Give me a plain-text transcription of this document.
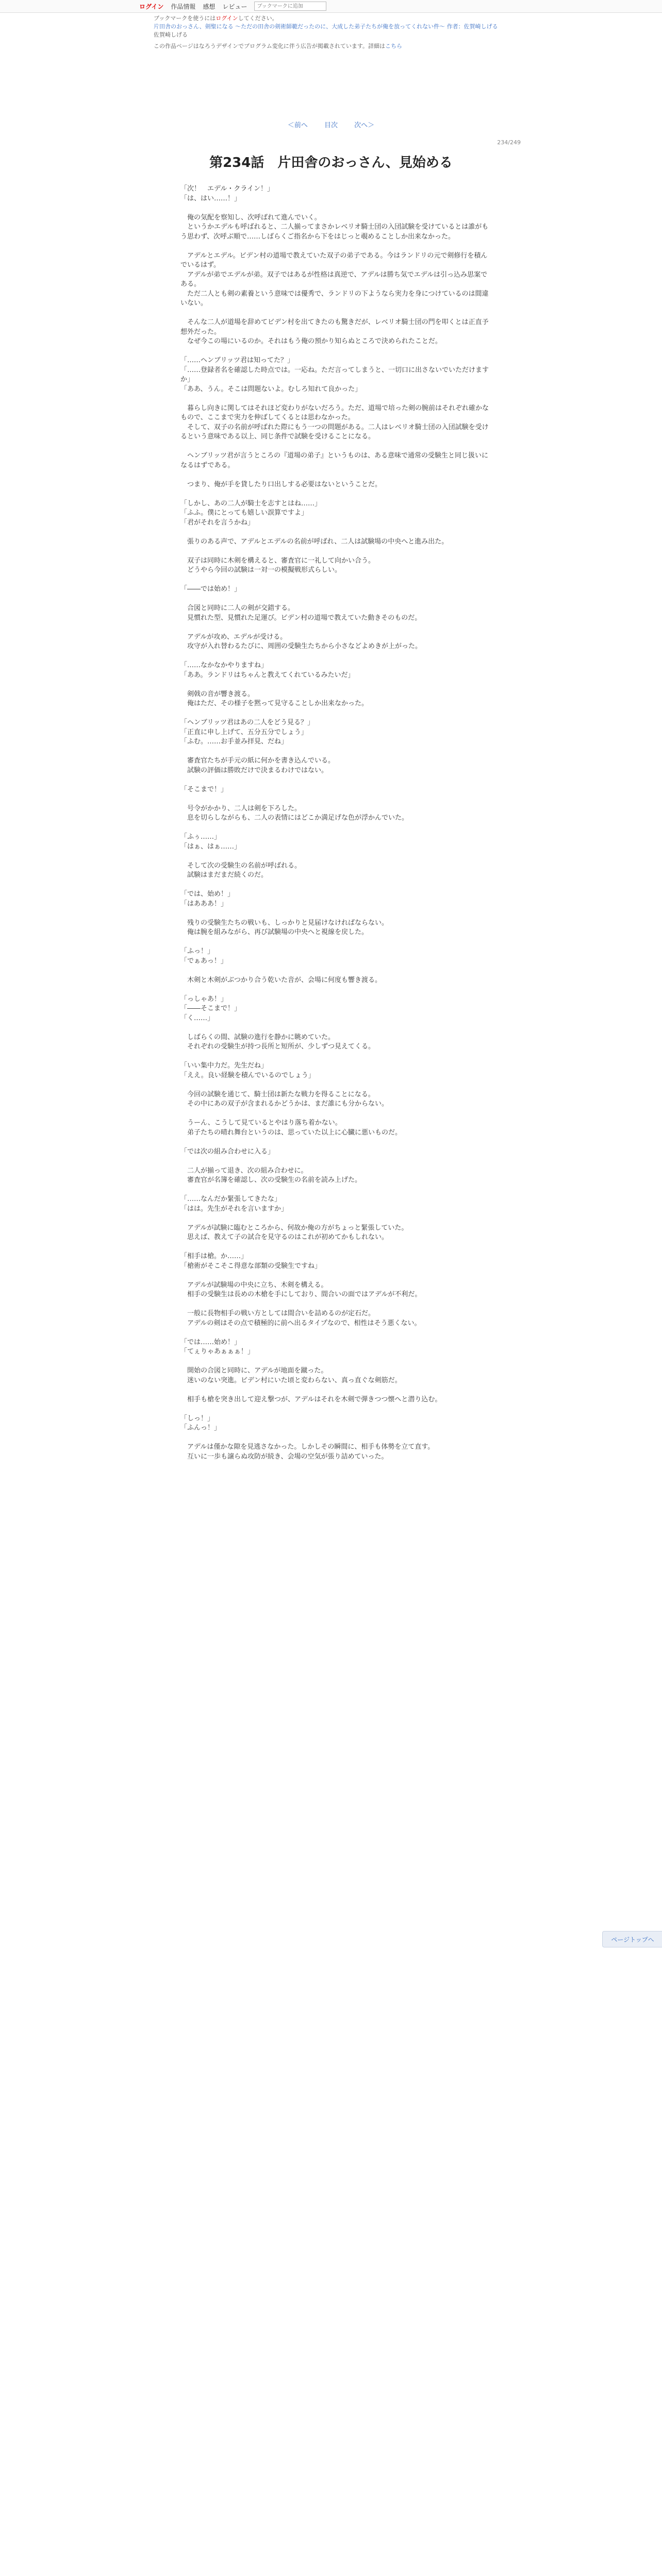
ログイン 作品情報 感想 レビュー
ブックマークに追加
ブックマークを使うにはログインしてください。
片田舎のおっさん、剣聖になる 〜ただの田舎の剣術師範だったのに、大成した弟子たちが俺を放ってくれない件〜 作者：佐賀崎しげる
佐賀崎しげる
この作品ページはなろうデザインでプログラム変化に伴う広告が掲載されています。詳細はこちら
＜前へ 目次 次へ＞
234/249
第234話　片田舎のおっさん、見始める

「次！　エデル・クライン！」

「は、はい……！」

　俺の気配を察知し、次呼ばれて進んでいく。

　というかエデルも呼ばれると、二人揃ってまさかレベリオ騎士団の入団試験を受けているとは誰がもう思わず、次呼ぶ順で……しばらくご指名から下をはじっと覗めることしか出来なかった。

　アデルとエデル。ビデン村の道場で教えていた双子の弟子である。今はランドリの元で剣修行を積んでいるはず。

　アデルが弟でエデルが弟。双子ではあるが性格は真逆で、アデルは勝ち気でエデルは引っ込み思案である。

　ただ二人とも剣の素養という意味では優秀で、ランドリの下ようなら実力を身につけているのは間違いない。

　そんな二人が道場を辞めてビデン村を出てきたのも驚きだが、レベリオ騎士団の門を叩くとは正直予想外だった。

　なぜ今この場にいるのか。それはもう俺の預かり知らぬところで決められたことだ。

「……ヘンブリッツ君は知ってた？」

「……登録者名を確認した時点では。一応ね。ただ言ってしまうと、一切口に出さないでいただけますか」

「ああ、うん。そこは問題ないよ。むしろ知れて良かった」

　暮らし向きに関してはそれほど変わりがないだろう。ただ、道場で培った剣の腕前はそれぞれ確かなもので、ここまで実力を伸ばしてくるとは思わなかった。

　そして、双子の名前が呼ばれた際にもう一つの問題がある。二人はレベリオ騎士団の入団試験を受けるという意味である以上、同じ条件で試験を受けることになる。

　ヘンブリッツ君が言うところの『道場の弟子』というものは、ある意味で通常の受験生と同じ扱いになるはずである。

　つまり、俺が手を貸したり口出しする必要はないということだ。

「しかし、あの二人が騎士を志すとはね……」

「ふふ。僕にとっても嬉しい誤算ですよ」

「君がそれを言うかね」

　張りのある声で、アデルとエデルの名前が呼ばれ、二人は試験場の中央へと進み出た。

　双子は同時に木剣を構えると、審査官に一礼して向かい合う。

　どうやら今回の試験は一対一の模擬戦形式らしい。

「――では始め！」

　合図と同時に二人の剣が交錯する。

　見慣れた型、見慣れた足運び。ビデン村の道場で教えていた動きそのものだ。

　アデルが攻め、エデルが受ける。

　攻守が入れ替わるたびに、周囲の受験生たちから小さなどよめきが上がった。

「……なかなかやりますね」

「ああ。ランドリはちゃんと教えてくれているみたいだ」

　剣戟の音が響き渡る。

　俺はただ、その様子を黙って見守ることしか出来なかった。

「ヘンブリッツ君はあの二人をどう見る？」

「正直に申し上げて、五分五分でしょう」

「ふむ。……お手並み拝見、だね」

　審査官たちが手元の紙に何かを書き込んでいる。

　試験の評価は勝敗だけで決まるわけではない。

「そこまで！」

　号令がかかり、二人は剣を下ろした。

　息を切らしながらも、二人の表情にはどこか満足げな色が浮かんでいた。

「ふぅ……」

「はぁ、はぁ……」

　そして次の受験生の名前が呼ばれる。

　試験はまだまだ続くのだ。

「では、始め！」

「はあああ！」

　残りの受験生たちの戦いも、しっかりと見届けなければならない。

　俺は腕を組みながら、再び試験場の中央へと視線を戻した。

「ふっ！」

「でぁあっ！」

　木剣と木剣がぶつかり合う乾いた音が、会場に何度も響き渡る。

「っしゃあ！」

「――そこまで！」

「く……」

　しばらくの間、試験の進行を静かに眺めていた。

　それぞれの受験生が持つ長所と短所が、少しずつ見えてくる。

「いい集中力だ。先生だね」

「ええ。良い経験を積んでいるのでしょう」

　今回の試験を通じて、騎士団は新たな戦力を得ることになる。

　その中にあの双子が含まれるかどうかは、まだ誰にも分からない。

　うーん、こうして見ているとやはり落ち着かない。

　弟子たちの晴れ舞台というのは、思っていた以上に心臓に悪いものだ。

「では次の組み合わせに入る」

　二人が揃って退き、次の組み合わせに。

　審査官が名簿を確認し、次の受験生の名前を読み上げた。

「……なんだか緊張してきたな」

「はは。先生がそれを言いますか」

　アデルが試験に臨むところから、何故か俺の方がちょっと緊張していた。

　思えば、教えて子の試合を見守るのはこれが初めてかもしれない。

「相手は槍。か……」

「槍術がそこそこ得意な部類の受験生ですね」

　アデルが試験場の中央に立ち、木剣を構える。

　相手の受験生は長めの木槍を手にしており、間合いの面ではアデルが不利だ。

　一般に長物相手の戦い方としては間合いを詰めるのが定石だ。

　アデルの剣はその点で積極的に前へ出るタイプなので、相性はそう悪くない。

「では……始め！」

「てぇりゃあぁぁぁ！」

　開始の合図と同時に、アデルが地面を蹴った。

　迷いのない突進。ビデン村にいた頃と変わらない、真っ直ぐな剣筋だ。

　相手も槍を突き出して迎え撃つが、アデルはそれを木剣で弾きつつ懐へと潜り込む。

「しっ！」

「ふんっ！」

　アデルは僅かな隙を見逃さなかった。しかしその瞬間に、相手も体勢を立て直す。

　互いに一歩も譲らぬ攻防が続き、会場の空気が張り詰めていった。

ページトップへ
